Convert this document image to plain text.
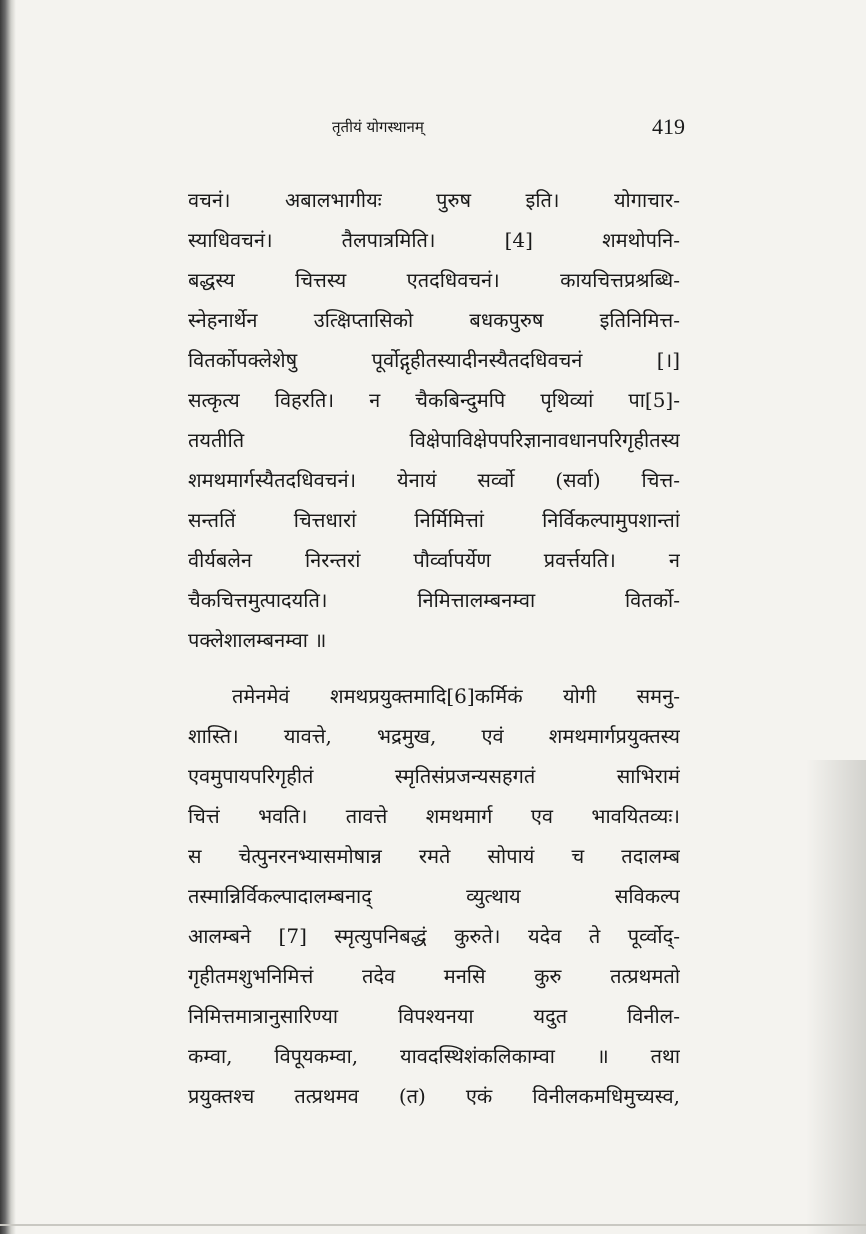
तृतीयं योगस्थानम्	419
वचनं। अबालभागीयः पुरुष इति। योगाचार-
स्याधिवचनं। तैलपात्रमिति। [4] शमथोपनि-
बद्धस्य चित्तस्य एतदधिवचनं। कायचित्तप्रश्रब्धि-
स्नेहनार्थेन उत्क्षिप्तासिको बधकपुरुष इतिनिमित्त-
वितर्कोपक्लेशेषु पूर्वोद्गृहीतस्यादीनस्यैतदधिवचनं [।]
सत्कृत्य विहरति। न चैकबिन्दुमपि पृथिव्यां पा[5]-
तयतीति विक्षेपाविक्षेपपरिज्ञानावधानपरिगृहीतस्य
शमथमार्गस्यैतदधिवचनं। येनायं सर्व्वो (सर्वा) चित्त-
सन्ततिं चित्तधारां निर्मिमित्तां निर्विकल्पामुपशान्तां
वीर्यबलेन निरन्तरां पौर्व्वापर्येण प्रवर्त्तयति। न
चैकचित्तमुत्पादयति। निमित्तालम्बनम्वा वितर्को-
पक्लेशालम्बनम्वा ॥
तमेनमेवं शमथप्रयुक्तमादि[6]कर्मिकं योगी समनु-
शास्ति। यावत्ते, भद्रमुख, एवं शमथमार्गप्रयुक्तस्य
एवमुपायपरिगृहीतं स्मृतिसंप्रजन्यसहगतं साभिरामं
चित्तं भवति। तावत्ते शमथमार्ग एव भावयितव्यः।
स चेत्पुनरनभ्यासमोषान्न रमते सोपायं च तदालम्ब
तस्मान्निर्विकल्पादालम्बनाद् व्युत्थाय सविकल्प
आलम्बने [7] स्मृत्युपनिबद्धं कुरुते। यदेव ते पूर्व्वोद्-
गृहीतमशुभनिमित्तं तदेव मनसि कुरु तत्प्रथमतो
निमित्तमात्रानुसारिण्या विपश्यनया यदुत विनील-
कम्वा, विपूयकम्वा, यावदस्थिशंकलिकाम्वा ॥ तथा
प्रयुक्तश्च तत्प्रथमव (त) एकं विनीलकमधिमुच्यस्व,
